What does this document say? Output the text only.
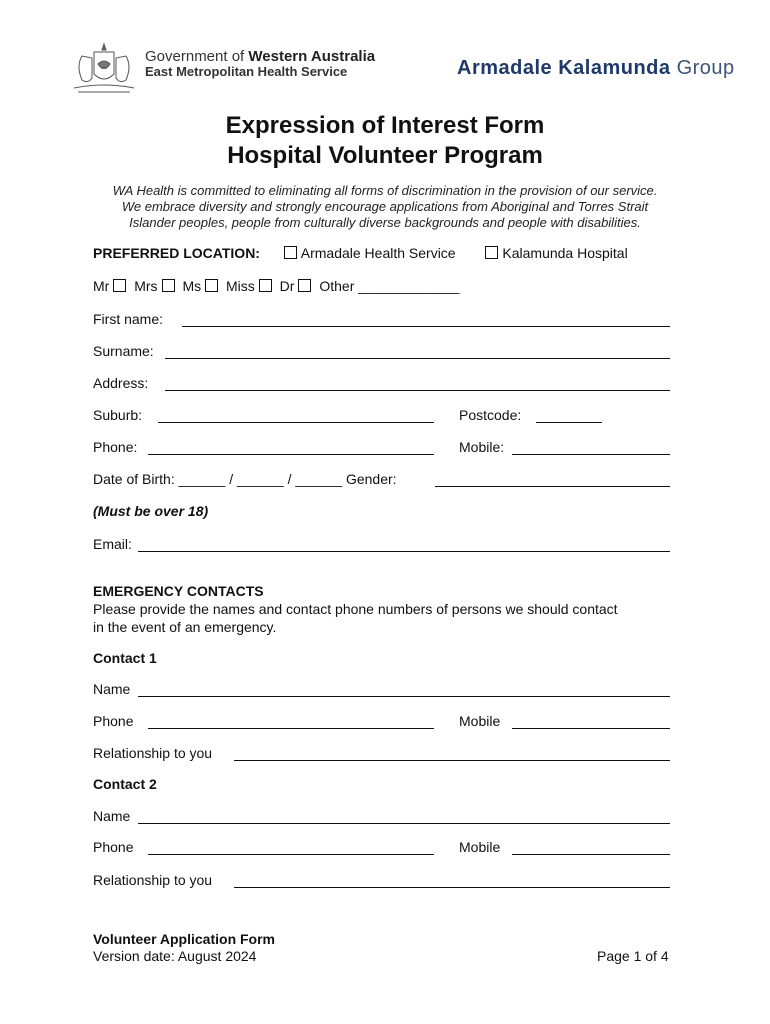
Government of Western Australia
East Metropolitan Health Service	Armadale Kalamunda Group
Expression of Interest Form
Hospital Volunteer Program
WA Health is committed to eliminating all forms of discrimination in the provision of our service.
We embrace diversity and strongly encourage applications from Aboriginal and Torres Strait
Islander peoples, people from culturally diverse backgrounds and people with disabilities.
PREFERRED LOCATION:	Armadale Health Service	Kalamunda Hospital
Mr Mrs Ms Miss Dr Other _____________
First name:
Surname:
Address:
Suburb:	Postcode:
Phone:	Mobile:
Date of Birth: ______ / ______ / ______ Gender:
(Must be over 18)
Email:
EMERGENCY CONTACTS
Please provide the names and contact phone numbers of persons we should contact
in the event of an emergency.
Contact 1
Name
Phone	Mobile
Relationship to you
Contact 2
Name
Phone	Mobile
Relationship to you
Volunteer Application Form
Version date: August 2024	Page 1 of 4
